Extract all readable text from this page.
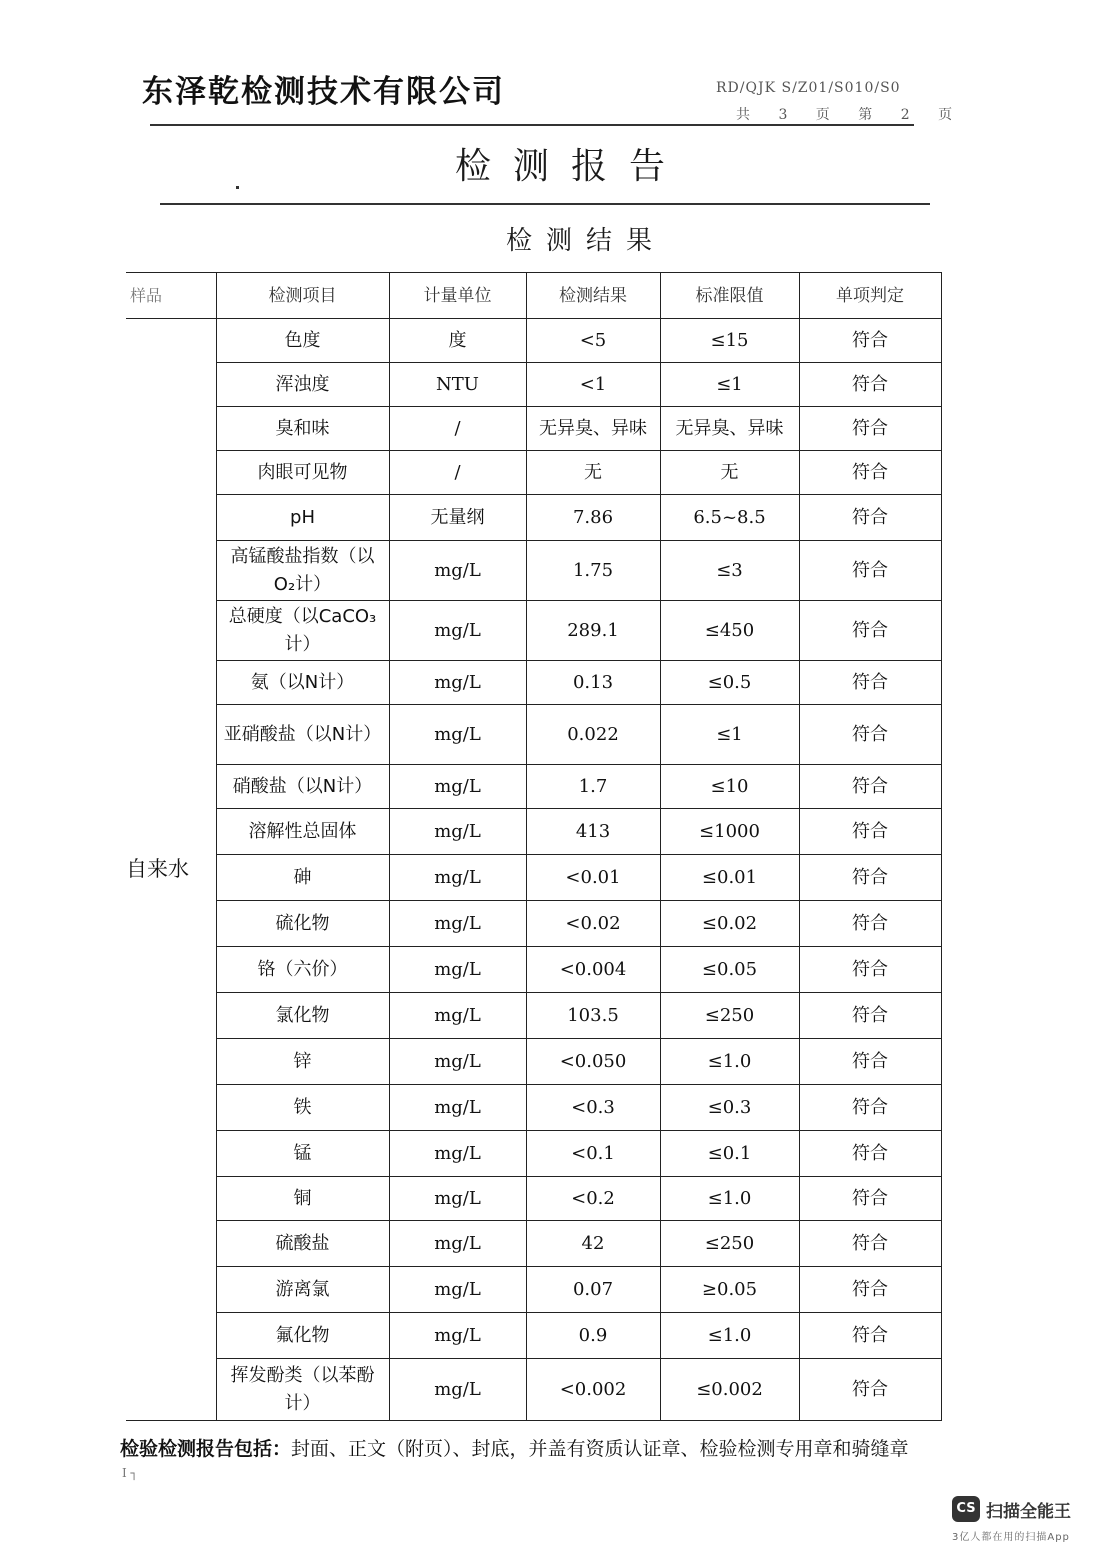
东泽乾检测技术有限公司	RD/QJK S/Z01/S010/S0
共 3 页 第 2 页
检测报告
检测结果
样品	检测项目	计量单位	检测结果	标准限值	单项判定
自来水	色度	度	<5	≤15	符合
	浑浊度	NTU	<1	≤1	符合
	臭和味	/	无异臭、异味	无异臭、异味	符合
	肉眼可见物	/	无	无	符合
	pH	无量纲	7.86	6.5~8.5	符合
	高锰酸盐指数（以O₂计）	mg/L	1.75	≤3	符合
	总硬度（以CaCO₃计）	mg/L	289.1	≤450	符合
	氨（以N计）	mg/L	0.13	≤0.5	符合
	亚硝酸盐（以N计）	mg/L	0.022	≤1	符合
	硝酸盐（以N计）	mg/L	1.7	≤10	符合
	溶解性总固体	mg/L	413	≤1000	符合
	砷	mg/L	<0.01	≤0.01	符合
	硫化物	mg/L	<0.02	≤0.02	符合
	铬（六价）	mg/L	<0.004	≤0.05	符合
	氯化物	mg/L	103.5	≤250	符合
	锌	mg/L	<0.050	≤1.0	符合
	铁	mg/L	<0.3	≤0.3	符合
	锰	mg/L	<0.1	≤0.1	符合
	铜	mg/L	<0.2	≤1.0	符合
	硫酸盐	mg/L	42	≤250	符合
	游离氯	mg/L	0.07	≥0.05	符合
	氟化物	mg/L	0.9	≤1.0	符合
	挥发酚类（以苯酚计）	mg/L	<0.002	≤0.002	符合
检验检测报告包括：封面、正文（附页）、封底，并盖有资质认证章、检验检测专用章和骑缝章
Ι ┐
CS 扫描全能王
3亿人都在用的扫描App
